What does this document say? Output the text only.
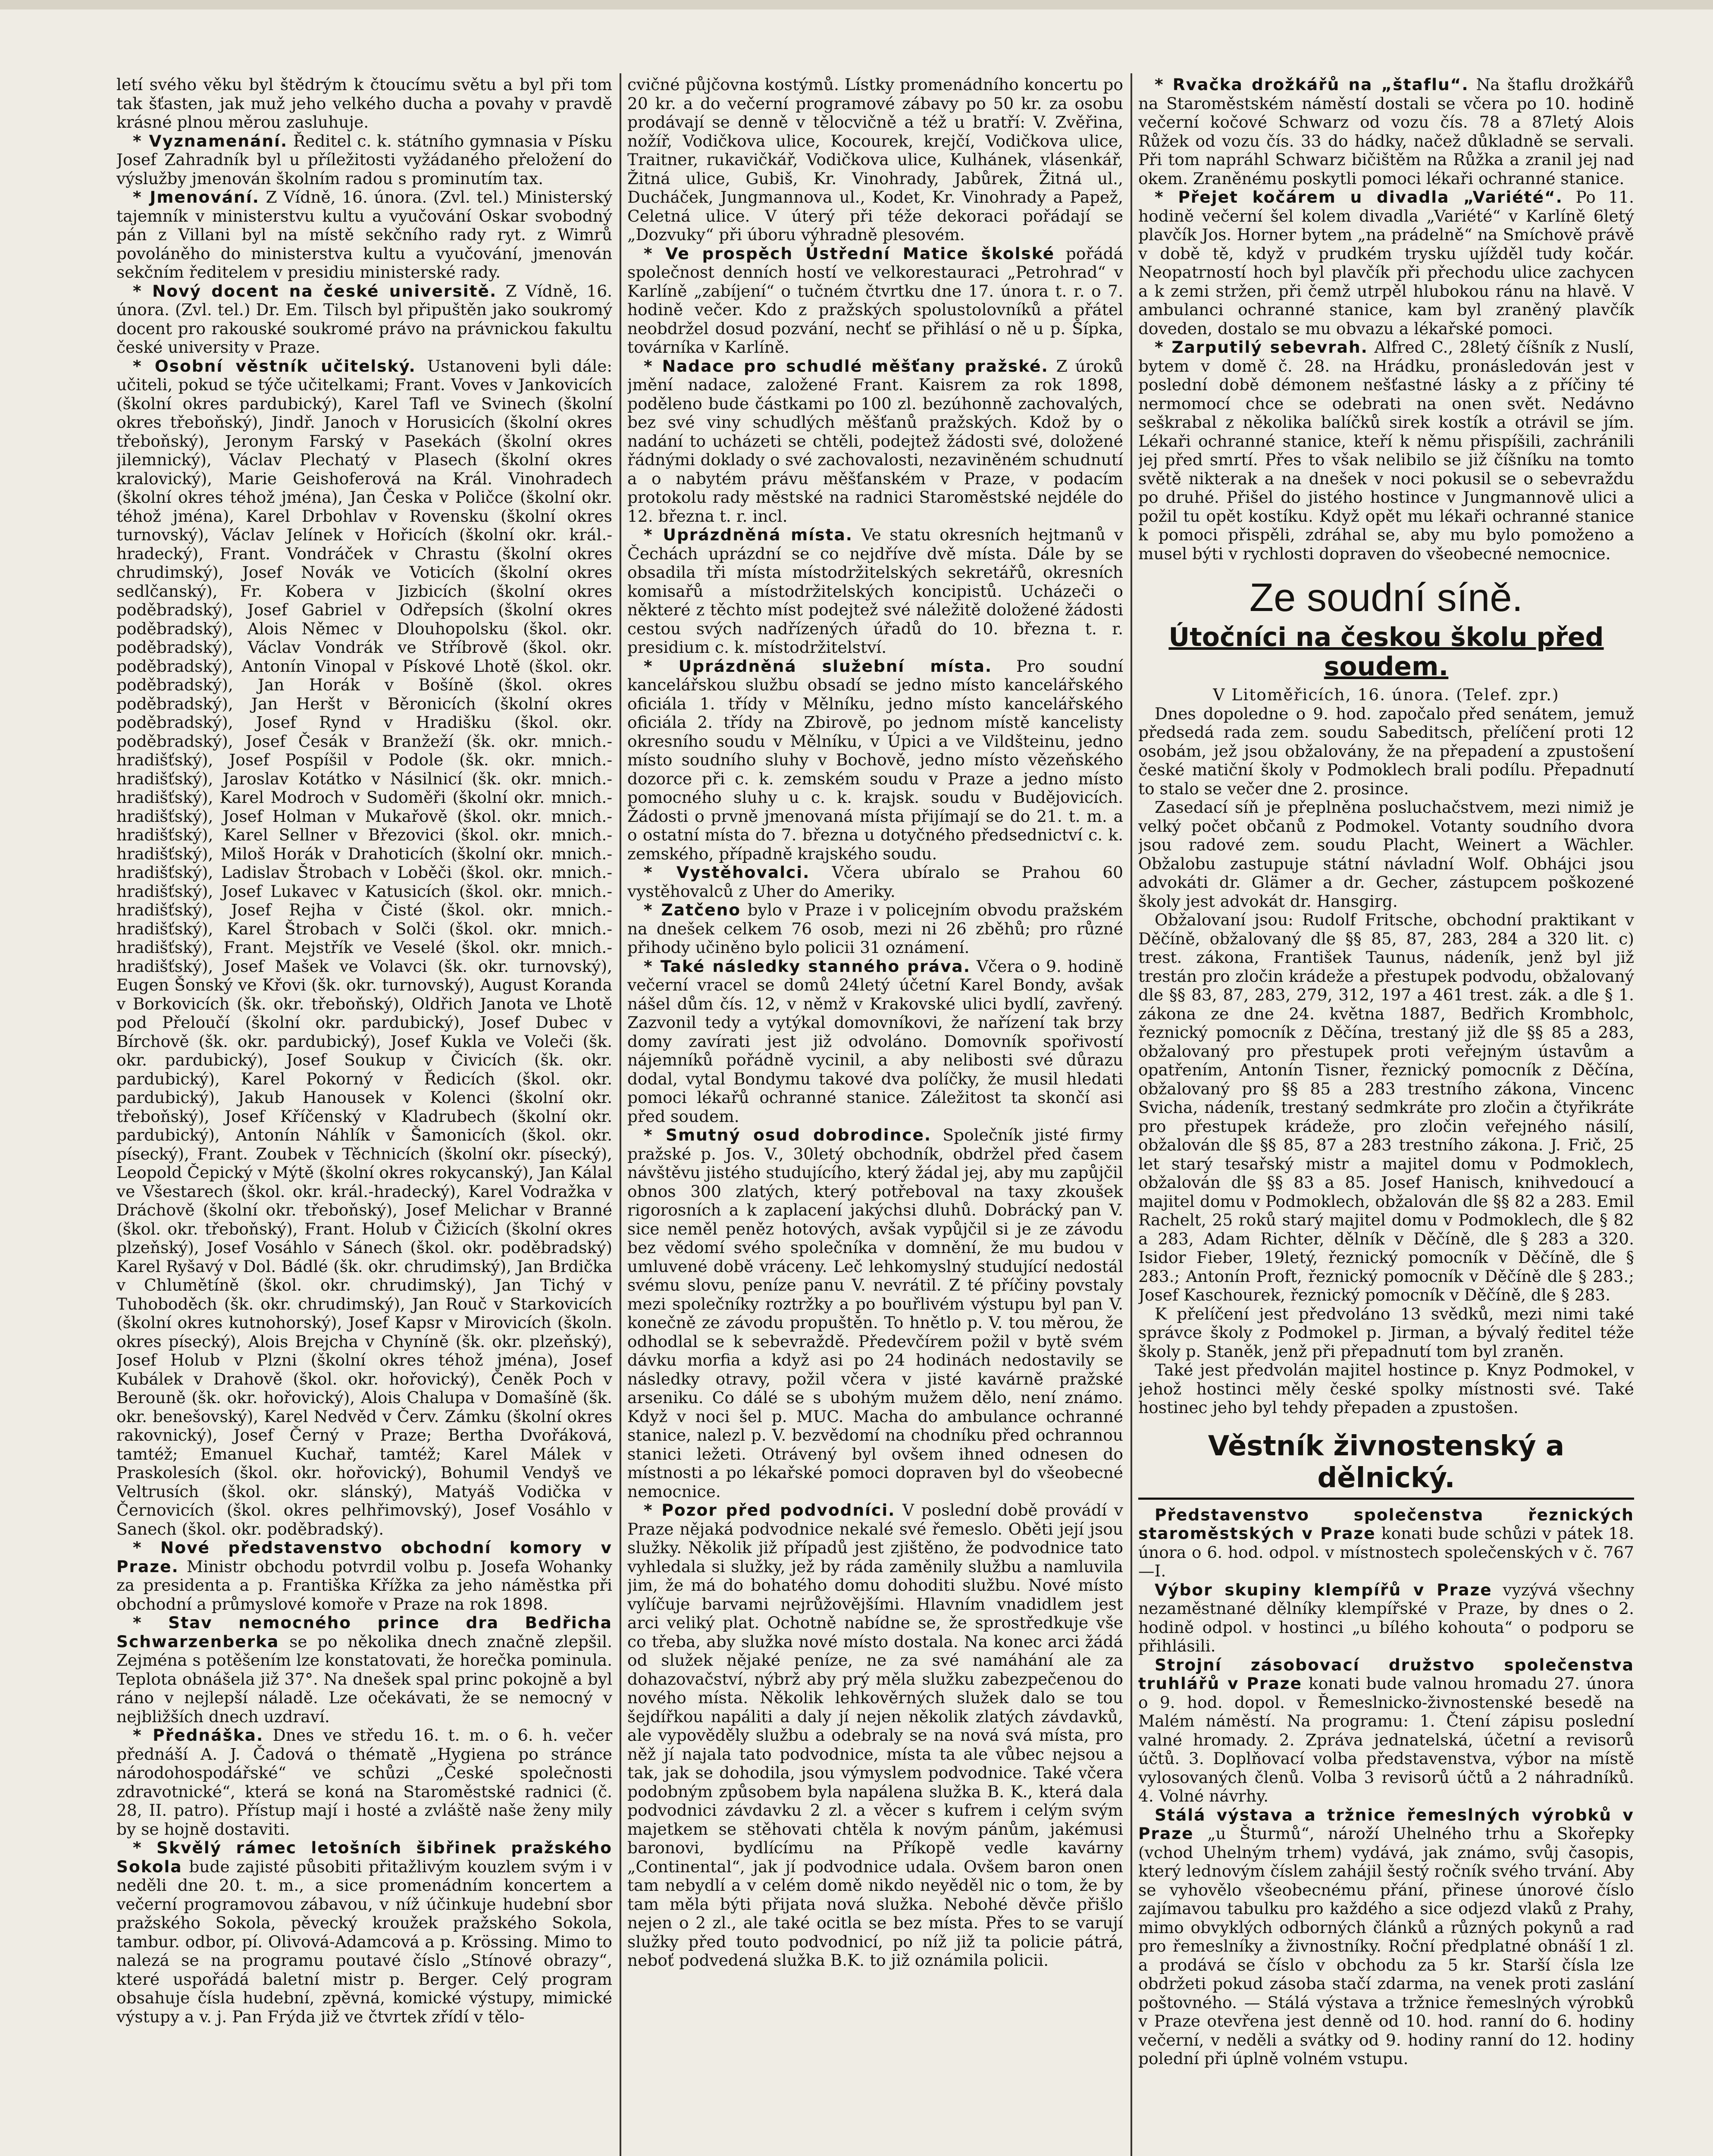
letí svého věku byl štědrým k čtoucímu světu a byl při tom tak šťasten, jak muž jeho velkého ducha a povahy v pravdě krásné plnou měrou zasluhuje.

* Vyznamenání. Ředitel c. k. státního gymnasia v Písku Josef Zahradník byl u příležitosti vyžádaného přeložení do výslužby jmenován školním radou s prominutím tax.

* Jmenování. Z Vídně, 16. února. (Zvl. tel.) Ministerský tajemník v ministerstvu kultu a vyučování Oskar svobodný pán z Villani byl na místě sekčního rady ryt. z Wimrů povoláněho do ministerstva kultu a vyučování, jmenován sekčním ředitelem v presidiu ministerské rady.

* Nový docent na české universitě. Z Vídně, 16. února. (Zvl. tel.) Dr. Em. Tilsch byl připuštěn jako soukromý docent pro rakouské soukromé právo na právnickou fakultu české university v Praze.

* Osobní věstník učitelský. Ustanoveni byli dále: učiteli, pokud se týče učitelkami; Frant. Voves v Jankovicích (školní okres pardubický), Karel Tafl ve Svinech (školní okres třeboňský), Jindř. Janoch v Horusicích (školní okres třeboňský), Jeronym Farský v Pasekách (školní okres jilemnický), Václav Plechatý v Plasech (školní okres kralovický), Marie Geishoferová na Král. Vinohradech (školní okres téhož jména), Jan Česka v Poličce (školní okr. téhož jména), Karel Drbohlav v Rovensku (školní okres turnovský), Václav Jelínek v Hořicích (školní okr. král.-hradecký), Frant. Vondráček v Chrastu (školní okres chrudimský), Josef Novák ve Voticích (školní okres sedlčanský), Fr. Kobera v Jizbicích (školní okres poděbradský), Josef Gabriel v Odřepsích (školní okres poděbradský), Alois Němec v Dlouhopolsku (škol. okr. poděbradský), Václav Vondrák ve Stříbrově (škol. okr. poděbradský), Antonín Vinopal v Pískové Lhotě (škol. okr. poděbradský), Jan Horák v Bošíně (škol. okres poděbradský), Jan Heršt v Běronicích (školní okres poděbradský), Josef Rynd v Hradišku (škol. okr. poděbradský), Josef Česák v Branžeží (šk. okr. mnich.-hradišťský), Josef Pospíšil v Podole (šk. okr. mnich.-hradišťský), Jaroslav Kotátko v Násilnicí (šk. okr. mnich.-hradišťský), Karel Modroch v Sudoměři (školní okr. mnich.-hradišťský), Josef Holman v Mukařově (škol. okr. mnich.-hradišťský), Karel Sellner v Březovici (škol. okr. mnich.-hradišťský), Miloš Horák v Drahoticích (školní okr. mnich.-hradišťský), Ladislav Štrobach v Loběči (škol. okr. mnich.-hradišťský), Josef Lukavec v Katusicích (škol. okr. mnich.-hradišťský), Josef Rejha v Čisté (škol. okr. mnich.-hradišťský), Karel Štrobach v Solči (škol. okr. mnich.-hradišťský), Frant. Mejstřík ve Veselé (škol. okr. mnich.-hradišťský), Josef Mašek ve Volavci (šk. okr. turnovský), Eugen Šonský ve Křovi (šk. okr. turnovský), August Koranda v Borkovicích (šk. okr. třeboňský), Oldřich Janota ve Lhotě pod Přeloučí (školní okr. pardubický), Josef Dubec v Bírchově (šk. okr. pardubický), Josef Kukla ve Voleči (šk. okr. pardubický), Josef Soukup v Čivicích (šk. okr. pardubický), Karel Pokorný v Ředicích (škol. okr. pardubický), Jakub Hanousek v Kolenci (školní okr. třeboňský), Josef Kříčenský v Kladrubech (školní okr. pardubický), Antonín Náhlík v Šamonicích (škol. okr. písecký), Frant. Zoubek v Těchnicích (školní okr. písecký), Leopold Čepický v Mýtě (školní okres rokycanský), Jan Kálal ve Všestarech (škol. okr. král.-hradecký), Karel Vodražka v Dráchově (školní okr. třeboňský), Josef Melichar v Branné (škol. okr. třeboňský), Frant. Holub v Čižicích (školní okres plzeňský), Josef Vosáhlo v Sánech (škol. okr. poděbradský) Karel Ryšavý v Dol. Bádlé (šk. okr. chrudimský), Jan Brdička v Chlumětíně (škol. okr. chrudimský), Jan Tichý v Tuhoboděch (šk. okr. chrudimský), Jan Rouč v Starkovicích (školní okres kutnohorský), Josef Kapsr v Mirovicích (školn. okres písecký), Alois Brejcha v Chyníně (šk. okr. plzeňský), Josef Holub v Plzni (školní okres téhož jména), Josef Kubálek v Drahově (škol. okr. hořovický), Čeněk Poch v Berouně (šk. okr. hořovický), Alois Chalupa v Domašíně (šk. okr. benešovský), Karel Nedvěd v Červ. Zámku (školní okres rakovnický), Josef Černý v Praze; Bertha Dvořáková, tamtéž; Emanuel Kuchař, tamtéž; Karel Málek v Praskolesích (škol. okr. hořovický), Bohumil Vendyš ve Veltrusích (škol. okr. slánský), Matyáš Vodička v Černovicích (škol. okres pelhřimovský), Josef Vosáhlo v Sanech (škol. okr. poděbradský).

* Nové představenstvo obchodní komory v Praze. Ministr obchodu potvrdil volbu p. Josefa Wohanky za presidenta a p. Františka Křížka za jeho náměstka při obchodní a průmyslové komoře v Praze na rok 1898.

* Stav nemocného prince dra Bedřicha Schwarzenberka se po několika dnech značně zlepšil. Zejména s potěšením lze konstatovati, že horečka pominula. Teplota obnášela již 37°. Na dnešek spal princ pokojně a byl ráno v nejlepší náladě. Lze očekávati, že se nemocný v nejbližších dnech uzdraví.

* Přednáška. Dnes ve středu 16. t. m. o 6. h. večer přednáší A. J. Čadová o thématě „Hygiena po stránce národohospodářské“ ve schůzi „České společnosti zdravotnické“, která se koná na Staroměstské radnici (č. 28, II. patro). Přístup mají i hosté a zvláště naše ženy mily by se hojně dostaviti.

* Skvělý rámec letošních šibřinek pražského Sokola bude zajisté působiti přitažlivým kouzlem svým i v neděli dne 20. t. m., a sice promenádním koncertem a večerní programovou zábavou, v níž účinkuje hudební sbor pražského Sokola, pěvecký kroužek pražského Sokola, tambur. odbor, pí. Olivová-Adamcová a p. Krössing. Mimo to nalezá se na programu poutavé číslo „Stínové obrazy“, které uspořádá baletní mistr p. Berger. Celý program obsahuje čísla hudební, zpěvná, komické výstupy, mimické výstupy a v. j. Pan Frýda již ve čtvrtek zřídí v tělo-

cvičné půjčovna kostýmů. Lístky promenádního koncertu po 20 kr. a do večerní programové zábavy po 50 kr. za osobu prodávají se denně v tělocvičně a též u bratří: V. Zvěřina, nožíř, Vodičkova ulice, Kocourek, krejčí, Vodičkova ulice, Traitner, rukavičkář, Vodičkova ulice, Kulhánek, vlásenkář, Žitná ulice, Gubiš, Kr. Vinohrady, Jabůrek, Žitná ul., Ducháček, Jungmannova ul., Kodet, Kr. Vinohrady a Papež, Celetná ulice. V úterý při téže dekoraci pořádají se „Dozvuky“ při úboru výhradně plesovém.

* Ve prospěch Ústřední Matice školské pořádá společnost denních hostí ve velkorestauraci „Petrohrad“ v Karlíně „zabíjení“ o tučném čtvrtku dne 17. února t. r. o 7. hodině večer. Kdo z pražských spolustolovníků a přátel neobdržel dosud pozvání, nechť se přihlásí o ně u p. Šípka, továrníka v Karlíně.

* Nadace pro schudlé měšťany pražské. Z úroků jmění nadace, založené Frant. Kaisrem za rok 1898, poděleno bude částkami po 100 zl. bezúhonně zachovalých, bez své viny schudlých měšťanů pražských. Kdož by o nadání to ucházeti se chtěli, podejtež žádosti své, doložené řádnými doklady o své zachovalosti, nezaviněném schudnutí a o nabytém právu měšťanském v Praze, v podacím protokolu rady městské na radnici Staroměstské nejdéle do 12. března t. r. incl.

* Uprázdněná místa. Ve statu okresních hejtmanů v Čechách uprázdní se co nejdříve dvě místa. Dále by se obsadila tři místa místodržitelských sekretářů, okresních komisařů a místodržitelských koncipistů. Ucházeči o některé z těchto míst podejtež své náležitě doložené žádosti cestou svých nadřízených úřadů do 10. března t. r. presidium c. k. místodržitelství.

* Uprázdněná služební místa. Pro soudní kancelářskou službu obsadí se jedno místo kancelářského oficiála 1. třídy v Mělníku, jedno místo kancelářského oficiála 2. třídy na Zbirově, po jednom místě kancelisty okresního soudu v Mělníku, v Úpici a ve Vildšteinu, jedno místo soudního sluhy v Bochově, jedno místo vězeňského dozorce při c. k. zemském soudu v Praze a jedno místo pomocného sluhy u c. k. krajsk. soudu v Budějovicích. Žádosti o prvně jmenovaná místa přijímají se do 21. t. m. a o ostatní místa do 7. března u dotyčného předsednictví c. k. zemského, případně krajského soudu.

* Vystěhovalci. Včera ubíralo se Prahou 60 vystěhovalců z Uher do Ameriky.

* Zatčeno bylo v Praze i v policejním obvodu pražském na dnešek celkem 76 osob, mezi ni 26 zběhů; pro různé přihody učiněno bylo policii 31 oznámení.

* Také následky stanného práva. Včera o 9. hodině večerní vracel se domů 24letý účetní Karel Bondy, avšak nášel dům čís. 12, v němž v Krakovské ulici bydlí, zavřený. Zazvonil tedy a vytýkal domovníkovi, že nařízení tak brzy domy zavírati jest již odvoláno. Domovník spořivostí nájemníků pořádně vycinil, a aby nelibosti své důrazu dodal, vytal Bondymu takové dva políčky, že musil hledati pomoci lékařů ochranné stanice. Záležitost ta skončí asi před soudem.

* Smutný osud dobrodince. Společník jisté firmy pražské p. Jos. V., 30letý obchodník, obdržel před časem návštěvu jistého studujícího, který žádal jej, aby mu zapůjčil obnos 300 zlatých, který potřeboval na taxy zkoušek rigorosních a k zaplacení jakýchsi dluhů. Dobrácký pan V. sice neměl peněz hotových, avšak vypůjčil si je ze závodu bez vědomí svého společníka v domnění, že mu budou v umluvené době vráceny. Leč lehkomyslný studující nedostál svému slovu, peníze panu V. nevrátil. Z té příčiny povstaly mezi společníky roztržky a po bouřlivém výstupu byl pan V. konečně ze závodu propuštěn. To hnětlo p. V. tou měrou, že odhodlal se k sebevraždě. Předevčírem požil v bytě svém dávku morfia a když asi po 24 hodinách nedostavily se následky otravy, požil včera v jisté kavárně pražské arseniku. Co dálé se s ubohým mužem dělo, není známo. Když v noci šel p. MUC. Macha do ambulance ochranné stanice, nalezl p. V. bezvědomí na chodníku před ochrannou stanici ležeti. Otrávený byl ovšem ihned odnesen do místnosti a po lékařské pomoci dopraven byl do všeobecné nemocnice.

* Pozor před podvodníci. V poslední době provádí v Praze nějaká podvodnice nekalé své řemeslo. Oběti její jsou služky. Několik již případů jest zjištěno, že podvodnice tato vyhledala si služky, jež by ráda zaměnily službu a namluvila jim, že má do bohatého domu dohoditi službu. Nové místo vylíčuje barvami nejrůžovějšími. Hlavním vnadidlem jest arci veliký plat. Ochotně nabídne se, že sprostředkuje vše co třeba, aby služka nové místo dostala. Na konec arci žádá od služek nějaké peníze, ne za své namáhání ale za dohazovačství, nýbrž aby prý měla služku zabezpečenou do nového místa. Několik lehkověrných služek dalo se tou šejdířkou napáliti a daly jí nejen několik zlatých závdavků, ale vypověděly službu a odebraly se na nová svá místa, pro něž jí najala tato podvodnice, místa ta ale vůbec nejsou a tak, jak se dohodila, jsou výmyslem podvodnice. Také včera podobným způsobem byla napálena služka B. K., která dala podvodnici závdavku 2 zl. a věcer s kufrem i celým svým majetkem se stěhovati chtěla k novým pánům, jakémusi baronovi, bydlícímu na Příkopě vedle kavárny „Continental“, jak jí podvodnice udala. Ovšem baron onen tam nebydlí a v celém domě nikdo neyěděl nic o tom, že by tam měla býti přijata nová služka. Nebohé děvče přišlo nejen o 2 zl., ale také ocitla se bez místa. Přes to se varují služky před touto podvodnicí, po níž již ta policie pátrá, neboť podvedená služka B.K. to již oznámila policii.

* Rvačka drožkářů na „štaflu“. Na štaflu drožkářů na Staroměstském náměstí dostali se včera po 10. hodině večerní kočové Schwarz od vozu čís. 78 a 87letý Alois Růžek od vozu čís. 33 do hádky, načež důkladně se servali. Při tom napráhl Schwarz bičištěm na Růžka a zranil jej nad okem. Zraněnému poskytli pomoci lékaři ochranné stanice.

* Přejet kočárem u divadla „Variété“. Po 11. hodině večerní šel kolem divadla „Variété“ v Karlíně 6letý plavčík Jos. Horner bytem „na prádelně“ na Smíchově právě v době tě, když v prudkém trysku ujížděl tudy kočár. Neopatrností hoch byl plavčík při přechodu ulice zachycen a k zemi stržen, při čemž utrpěl hlubokou ránu na hlavě. V ambulanci ochranné stanice, kam byl zraněný plavčík doveden, dostalo se mu obvazu a lékařské pomoci.

* Zarputilý sebevrah. Alfred C., 28letý číšník z Nuslí, bytem v domě č. 28. na Hrádku, pronásledován jest v poslední době démonem nešťastné lásky a z příčiny té nermomocí chce se odebrati na onen svět. Nedávno seškrabal z několika balíčků sirek kostík a otrávil se jím. Lékaři ochranné stanice, kteří k němu přispíšili, zachránili jej před smrtí. Přes to však nelibilo se již číšníku na tomto světě nikterak a na dnešek v noci pokusil se o sebevraždu po druhé. Přišel do jistého hostince v Jungmannově ulici a požil tu opět kostíku. Když opět mu lékaři ochranné stanice k pomoci přispěli, zdráhal se, aby mu bylo pomoženo a musel býti v rychlosti dopraven do všeobecné nemocnice.

Ze soudní síně.
Útočníci na českou školu před soudem.

V Litoměřicích, 16. února. (Telef. zpr.)

Dnes dopoledne o 9. hod. započalo před senátem, jemuž předsedá rada zem. soudu Sabeditsch, přelíčení proti 12 osobám, jež jsou obžalovány, že na přepadení a zpustošení české matiční školy v Podmoklech brali podílu. Přepadnutí to stalo se večer dne 2. prosince.

Zasedací síň je přeplněna posluchačstvem, mezi nimiž je velký počet občanů z Podmokel. Votanty soudního dvora jsou radové zem. soudu Placht, Weinert a Wächler. Obžalobu zastupuje státní návladní Wolf. Obhájci jsou advokáti dr. Glämer a dr. Gecher, zástupcem poškozené školy jest advokát dr. Hansgirg.

Obžalovaní jsou: Rudolf Fritsche, obchodní praktikant v Děčíně, obžalovaný dle §§ 85, 87, 283, 284 a 320 lit. c) trest. zákona, František Taunus, nádeník, jenž byl již trestán pro zločin krádeže a přestupek podvodu, obžalovaný dle §§ 83, 87, 283, 279, 312, 197 a 461 trest. zák. a dle § 1. zákona ze dne 24. května 1887, Bedřich Krombholc, řeznický pomocník z Děčína, trestaný již dle §§ 85 a 283, obžalovaný pro přestupek proti veřejným ústavům a opatřením, Antonín Tisner, řeznický pomocník z Děčína, obžalovaný pro §§ 85 a 283 trestního zákona, Vincenc Svicha, nádeník, trestaný sedmkráte pro zločin a čtyřikráte pro přestupek krádeže, pro zločin veřejného násilí, obžalován dle §§ 85, 87 a 283 trestního zákona. J. Frič, 25 let starý tesařský mistr a majitel domu v Podmoklech, obžalován dle §§ 83 a 85. Josef Hanisch, knihvedoucí a majitel domu v Podmoklech, obžalován dle §§ 82 a 283. Emil Rachelt, 25 roků starý majitel domu v Podmoklech, dle § 82 a 283, Adam Richter, dělník v Děčíně, dle § 283 a 320. Isidor Fieber, 19letý, řeznický pomocník v Děčíně, dle § 283.; Antonín Proft, řeznický pomocník v Děčíně dle § 283.; Josef Kaschourek, řeznický pomocník v Děčíně, dle § 283.

K přelíčení jest předvoláno 13 svědků, mezi nimi také správce školy z Podmokel p. Jirman, a bývalý ředitel téže školy p. Staněk, jenž při přepadnutí tom byl zraněn.

Také jest předvolán majitel hostince p. Knyz Podmokel, v jehož hostinci měly české spolky místnosti své. Také hostinec jeho byl tehdy přepaden a zpustošen.

Věstník živnostenský a dělnický.

Představenstvo společenstva řeznických staroměstských v Praze konati bude schůzi v pátek 18. února o 6. hod. odpol. v místnostech společenských v č. 767—I.

Výbor skupiny klempířů v Praze vyzývá všechny nezaměstnané dělníky klempířské v Praze, by dnes o 2. hodině odpol. v hostinci „u bílého kohouta“ o podporu se přihlásili.

Strojní zásobovací družstvo společenstva truhlářů v Praze konati bude valnou hromadu 27. února o 9. hod. dopol. v Řemeslnicko-živnostenské besedě na Malém náměstí. Na programu: 1. Čtení zápisu poslední valné hromady. 2. Zpráva jednatelská, účetní a revisorů účtů. 3. Doplňovací volba představenstva, výbor na místě vylosovaných členů. Volba 3 revisorů účtů a 2 náhradníků. 4. Volné návrhy.

Stálá výstava a tržnice řemeslných výrobků v Praze „u Šturmů“, nároží Uhelného trhu a Skořepky (vchod Uhelným trhem) vydává, jak známo, svůj časopis, který lednovým číslem zahájil šestý ročník svého trvání. Aby se vyhovělo všeobecnému přání, přinese únorové číslo zajímavou tabulku pro každého a sice odjezd vlaků z Prahy, mimo obvyklých odborných článků a různých pokynů a rad pro řemeslníky a živnostníky. Roční předplatné obnáší 1 zl. a prodává se číslo v obchodu za 5 kr. Starší čísla lze obdržeti pokud zásoba stačí zdarma, na venek proti zaslání poštovného. — Stálá výstava a tržnice řemeslných výrobků v Praze otevřena jest denně od 10. hod. ranní do 6. hodiny večerní, v neděli a svátky od 9. hodiny ranní do 12. hodiny polední při úplně volném vstupu.
